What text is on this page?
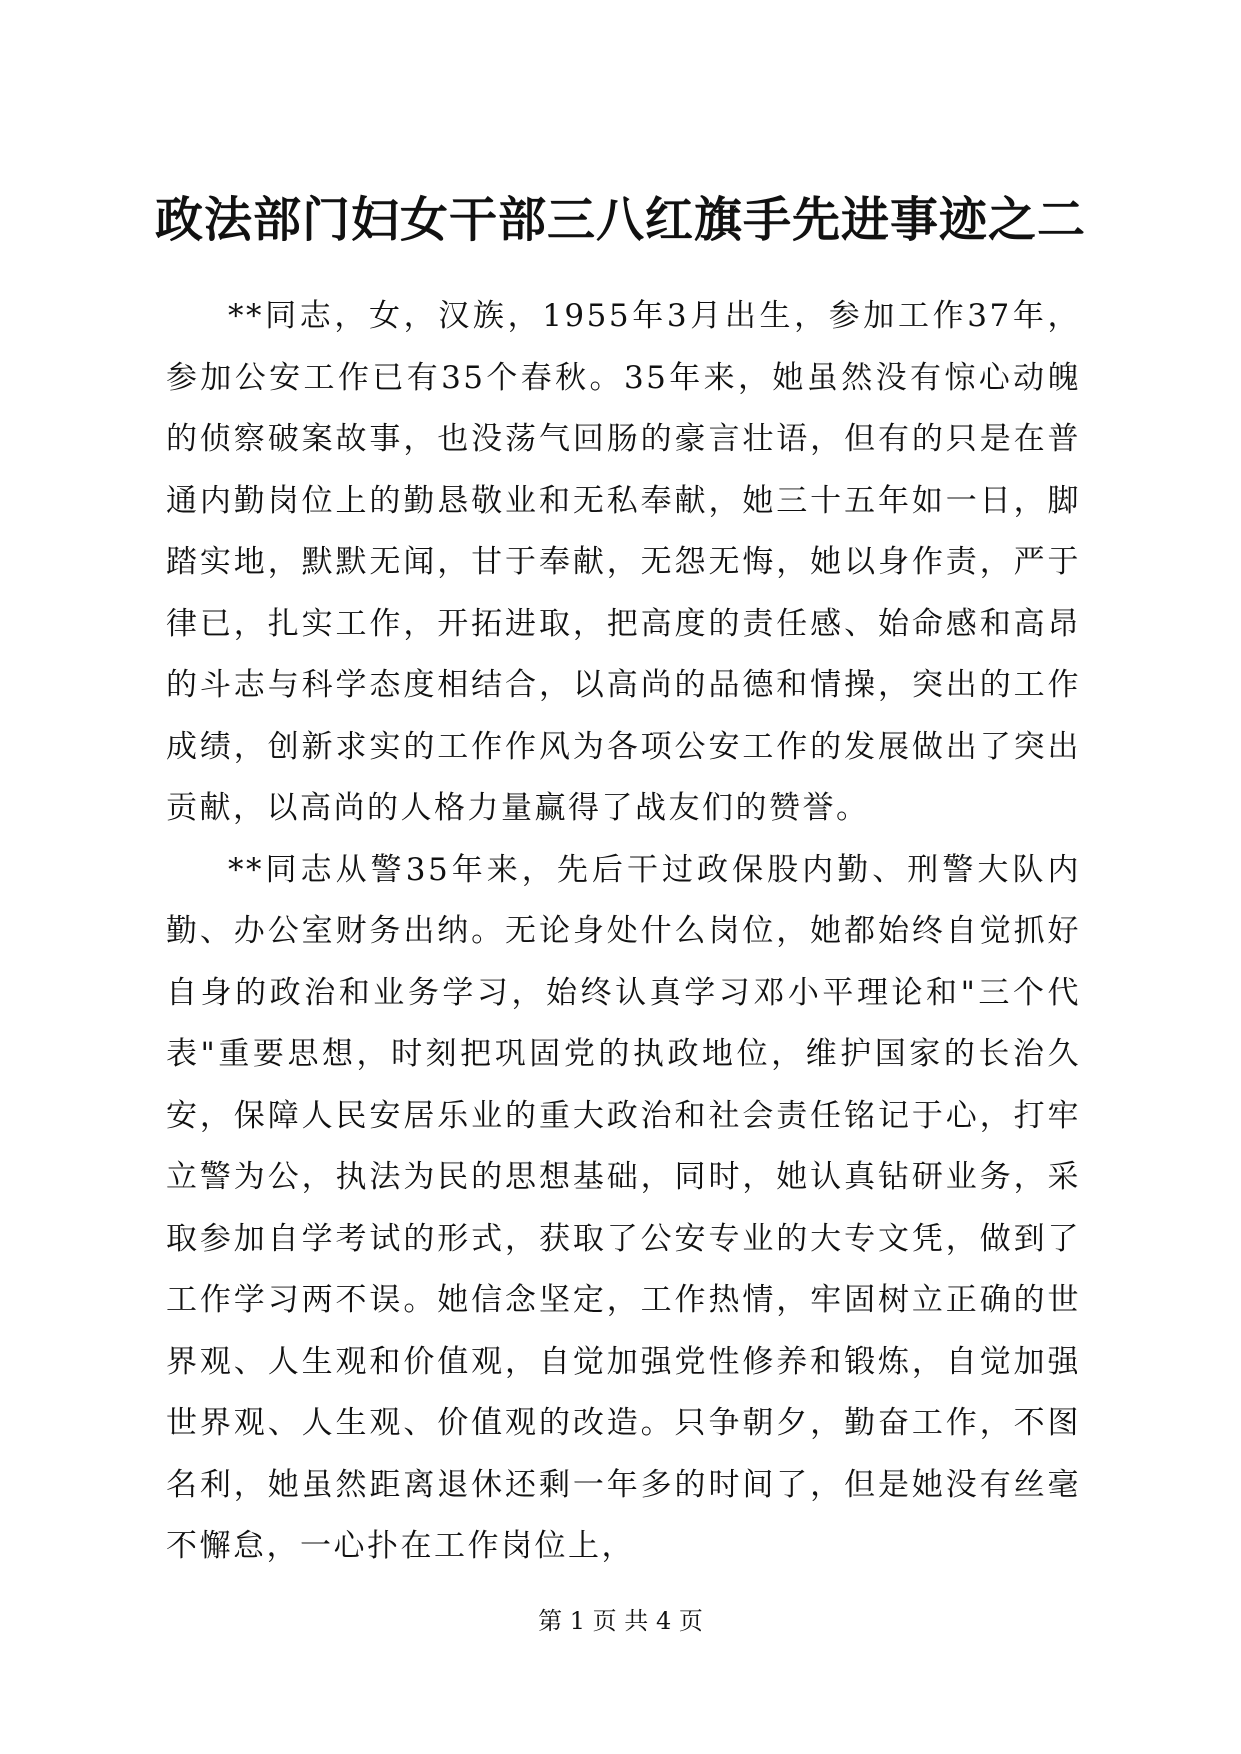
政法部门妇女干部三八红旗手先进事迹之二

**同志，女，汉族，1955年3月出生，参加工作37年，参加公安工作已有35个春秋。35年来，她虽然没有惊心动魄的侦察破案故事，也没荡气回肠的豪言壮语，但有的只是在普通内勤岗位上的勤恳敬业和无私奉献，她三十五年如一日，脚踏实地，默默无闻，甘于奉献，无怨无悔，她以身作责，严于律已，扎实工作，开拓进取，把高度的责任感、始命感和高昂的斗志与科学态度相结合，以高尚的品德和情操，突出的工作成绩，创新求实的工作作风为各项公安工作的发展做出了突出贡献，以高尚的人格力量赢得了战友们的赞誉。

**同志从警35年来，先后干过政保股内勤、刑警大队内勤、办公室财务出纳。无论身处什么岗位，她都始终自觉抓好自身的政治和业务学习，始终认真学习邓小平理论和"三个代表"重要思想，时刻把巩固党的执政地位，维护国家的长治久安，保障人民安居乐业的重大政治和社会责任铭记于心，打牢立警为公，执法为民的思想基础，同时，她认真钻研业务，采取参加自学考试的形式，获取了公安专业的大专文凭，做到了工作学习两不误。她信念坚定，工作热情，牢固树立正确的世界观、人生观和价值观，自觉加强党性修养和锻炼，自觉加强世界观、人生观、价值观的改造。只争朝夕，勤奋工作，不图名利，她虽然距离退休还剩一年多的时间了，但是她没有丝毫不懈怠，一心扑在工作岗位上，

第 1 页 共 4 页
